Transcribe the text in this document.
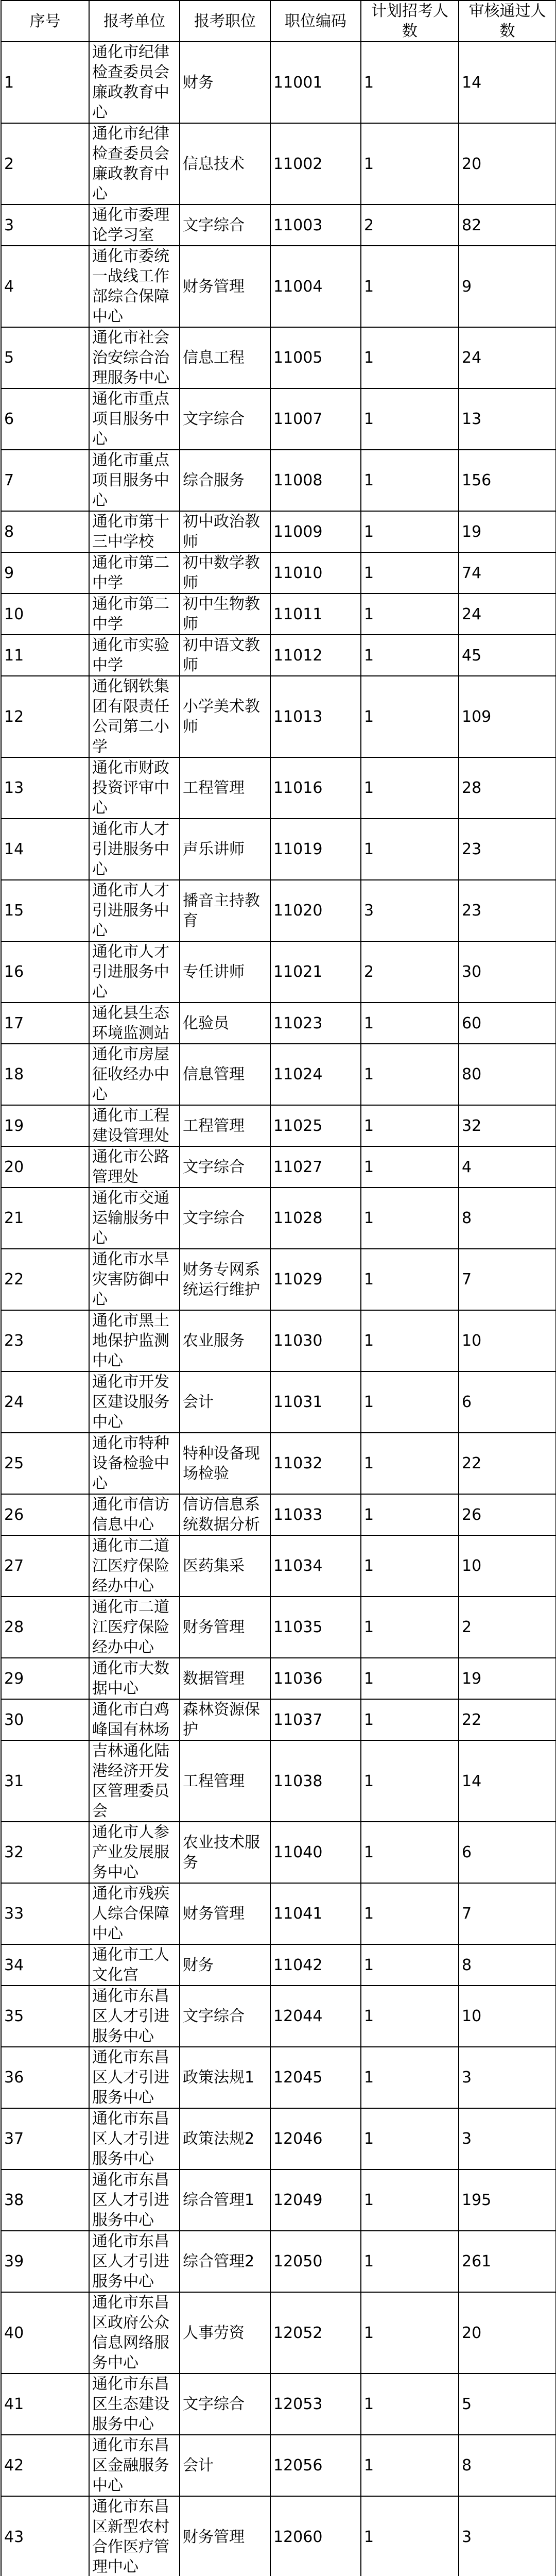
序号	报考单位	报考职位	职位编码	计划招考人数	审核通过人数
1	通化市纪律检查委员会廉政教育中心	财务	11001	1	14
2	通化市纪律检查委员会廉政教育中心	信息技术	11002	1	20
3	通化市委理论学习室	文字综合	11003	2	82
4	通化市委统一战线工作部综合保障中心	财务管理	11004	1	9
5	通化市社会治安综合治理服务中心	信息工程	11005	1	24
6	通化市重点项目服务中心	文字综合	11007	1	13
7	通化市重点项目服务中心	综合服务	11008	1	156
8	通化市第十三中学校	初中政治教师	11009	1	19
9	通化市第二中学	初中数学教师	11010	1	74
10	通化市第二中学	初中生物教师	11011	1	24
11	通化市实验中学	初中语文教师	11012	1	45
12	通化钢铁集团有限责任公司第二小学	小学美术教师	11013	1	109
13	通化市财政投资评审中心	工程管理	11016	1	28
14	通化市人才引进服务中心	声乐讲师	11019	1	23
15	通化市人才引进服务中心	播音主持教育	11020	3	23
16	通化市人才引进服务中心	专任讲师	11021	2	30
17	通化县生态环境监测站	化验员	11023	1	60
18	通化市房屋征收经办中心	信息管理	11024	1	80
19	通化市工程建设管理处	工程管理	11025	1	32
20	通化市公路管理处	文字综合	11027	1	4
21	通化市交通运输服务中心	文字综合	11028	1	8
22	通化市水旱灾害防御中心	财务专网系统运行维护	11029	1	7
23	通化市黑土地保护监测中心	农业服务	11030	1	10
24	通化市开发区建设服务中心	会计	11031	1	6
25	通化市特种设备检验中心	特种设备现场检验	11032	1	22
26	通化市信访信息中心	信访信息系统数据分析	11033	1	26
27	通化市二道江医疗保险经办中心	医药集采	11034	1	10
28	通化市二道江医疗保险经办中心	财务管理	11035	1	2
29	通化市大数据中心	数据管理	11036	1	19
30	通化市白鸡峰国有林场	森林资源保护	11037	1	22
31	吉林通化陆港经济开发区管理委员会	工程管理	11038	1	14
32	通化市人参产业发展服务中心	农业技术服务	11040	1	6
33	通化市残疾人综合保障中心	财务管理	11041	1	7
34	通化市工人文化宫	财务	11042	1	8
35	通化市东昌区人才引进服务中心	文字综合	12044	1	10
36	通化市东昌区人才引进服务中心	政策法规1	12045	1	3
37	通化市东昌区人才引进服务中心	政策法规2	12046	1	3
38	通化市东昌区人才引进服务中心	综合管理1	12049	1	195
39	通化市东昌区人才引进服务中心	综合管理2	12050	1	261
40	通化市东昌区政府公众信息网络服务中心	人事劳资	12052	1	20
41	通化市东昌区生态建设服务中心	文字综合	12053	1	5
42	通化市东昌区金融服务中心	会计	12056	1	8
43	通化市东昌区新型农村合作医疗管理中心	财务管理	12060	1	3
